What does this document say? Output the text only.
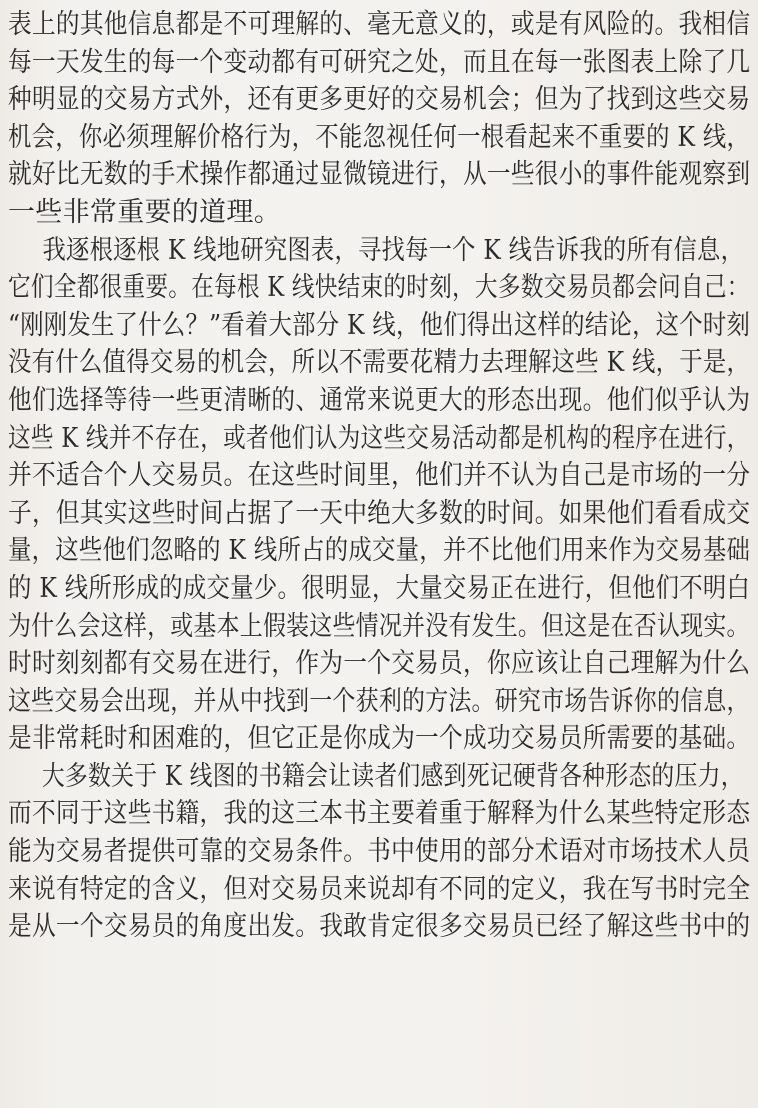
表上的其他信息都是不可理解的、毫无意义的，或是有风险的。我相信
每一天发生的每一个变动都有可研究之处，而且在每一张图表上除了几
种明显的交易方式外，还有更多更好的交易机会；但为了找到这些交易
机会，你必须理解价格行为，不能忽视任何一根看起来不重要的 K 线，
就好比无数的手术操作都通过显微镜进行，从一些很小的事件能观察到
一些非常重要的道理。
我逐根逐根 K 线地研究图表，寻找每一个 K 线告诉我的所有信息，
它们全都很重要。在每根 K 线快结束的时刻，大多数交易员都会问自己：
“刚刚发生了什么？”看着大部分 K 线，他们得出这样的结论，这个时刻
没有什么值得交易的机会，所以不需要花精力去理解这些 K 线，于是，
他们选择等待一些更清晰的、通常来说更大的形态出现。他们似乎认为
这些 K 线并不存在，或者他们认为这些交易活动都是机构的程序在进行，
并不适合个人交易员。在这些时间里，他们并不认为自己是市场的一分
子，但其实这些时间占据了一天中绝大多数的时间。如果他们看看成交
量，这些他们忽略的 K 线所占的成交量，并不比他们用来作为交易基础
的 K 线所形成的成交量少。很明显，大量交易正在进行，但他们不明白
为什么会这样，或基本上假装这些情况并没有发生。但这是在否认现实。
时时刻刻都有交易在进行，作为一个交易员，你应该让自己理解为什么
这些交易会出现，并从中找到一个获利的方法。研究市场告诉你的信息，
是非常耗时和困难的，但它正是你成为一个成功交易员所需要的基础。
大多数关于 K 线图的书籍会让读者们感到死记硬背各种形态的压力，
而不同于这些书籍，我的这三本书主要着重于解释为什么某些特定形态
能为交易者提供可靠的交易条件。书中使用的部分术语对市场技术人员
来说有特定的含义，但对交易员来说却有不同的定义，我在写书时完全
是从一个交易员的角度出发。我敢肯定很多交易员已经了解这些书中的
